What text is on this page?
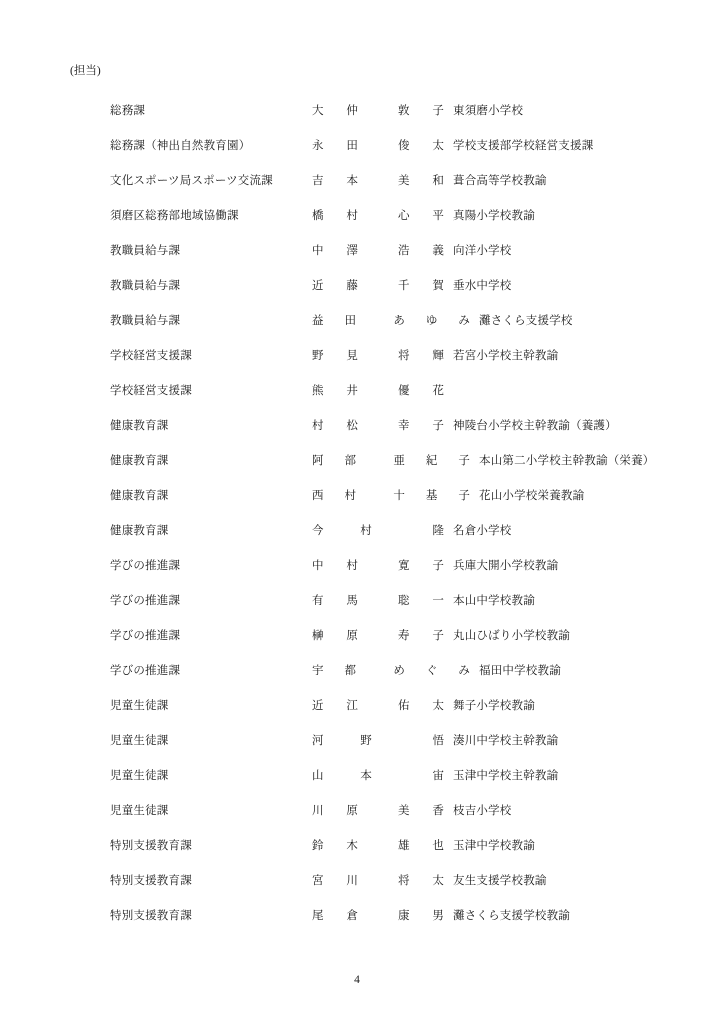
(担当)
総務課	大 仲	敦 子 東須磨小学校
総務課（神出自然教育園）	永 田	俊 太 学校支援部学校経営支援課
文化スポーツ局スポーツ交流課	吉 本	美 和 葺合高等学校教諭
須磨区総務部地域協働課	橋 村	心 平 真陽小学校教諭
教職員給与課	中 澤	浩 義 向洋小学校
教職員給与課	近 藤	千 賀 垂水中学校
教職員給与課	益 田	あ ゆ み 灘さくら支援学校
学校経営支援課	野 見	将 輝 若宮小学校主幹教諭
学校経営支援課	熊 井	優 花
健康教育課	村 松	幸 子 神陵台小学校主幹教諭（養護）
健康教育課	阿 部	亜 紀 子 本山第二小学校主幹教諭（栄養）
健康教育課	西 村	十 基 子 花山小学校栄養教諭
健康教育課	今	村	隆 名倉小学校
学びの推進課	中 村	寛 子 兵庫大開小学校教諭
学びの推進課	有 馬	聡 一 本山中学校教諭
学びの推進課	榊 原	寿 子 丸山ひばり小学校教諭
学びの推進課	宇 都	め ぐ み 福田中学校教諭
児童生徒課	近 江	佑 太 舞子小学校教諭
児童生徒課	河	野	悟 湊川中学校主幹教諭
児童生徒課	山	本	宙 玉津中学校主幹教諭
児童生徒課	川 原	美 香 枝吉小学校
特別支援教育課	鈴 木	雄 也 玉津中学校教諭
特別支援教育課	宮 川	将 太 友生支援学校教諭
特別支援教育課	尾 倉	康 男 灘さくら支援学校教諭
4
